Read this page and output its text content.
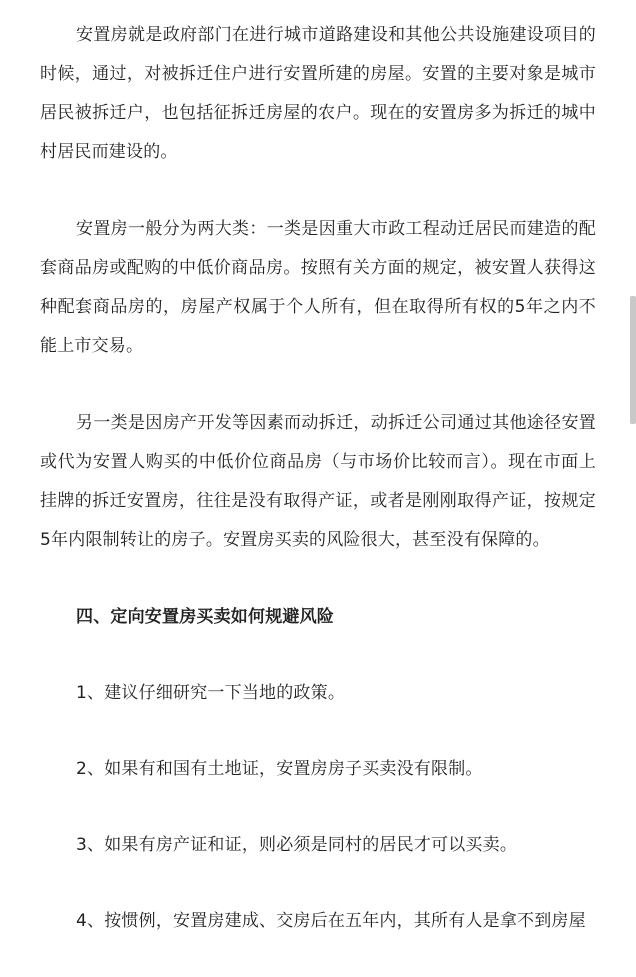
安置房就是政府部门在进行城市道路建设和其他公共设施建设项目的时候，通过，对被拆迁住户进行安置所建的房屋。安置的主要对象是城市居民被拆迁户，也包括征拆迁房屋的农户。现在的安置房多为拆迁的城中村居民而建设的。

安置房一般分为两大类：一类是因重大市政工程动迁居民而建造的配套商品房或配购的中低价商品房。按照有关方面的规定，被安置人获得这种配套商品房的，房屋产权属于个人所有，但在取得所有权的5年之内不能上市交易。

另一类是因房产开发等因素而动拆迁，动拆迁公司通过其他途径安置或代为安置人购买的中低价位商品房（与市场价比较而言）。现在市面上挂牌的拆迁安置房，往往是没有取得产证，或者是刚刚取得产证，按规定5年内限制转让的房子。安置房买卖的风险很大，甚至没有保障的。

四、定向安置房买卖如何规避风险

1、建议仔细研究一下当地的政策。

2、如果有和国有土地证，安置房房子买卖没有限制。

3、如果有房产证和证，则必须是同村的居民才可以买卖。

4、按惯例，安置房建成、交房后在五年内，其所有人是拿不到房屋
